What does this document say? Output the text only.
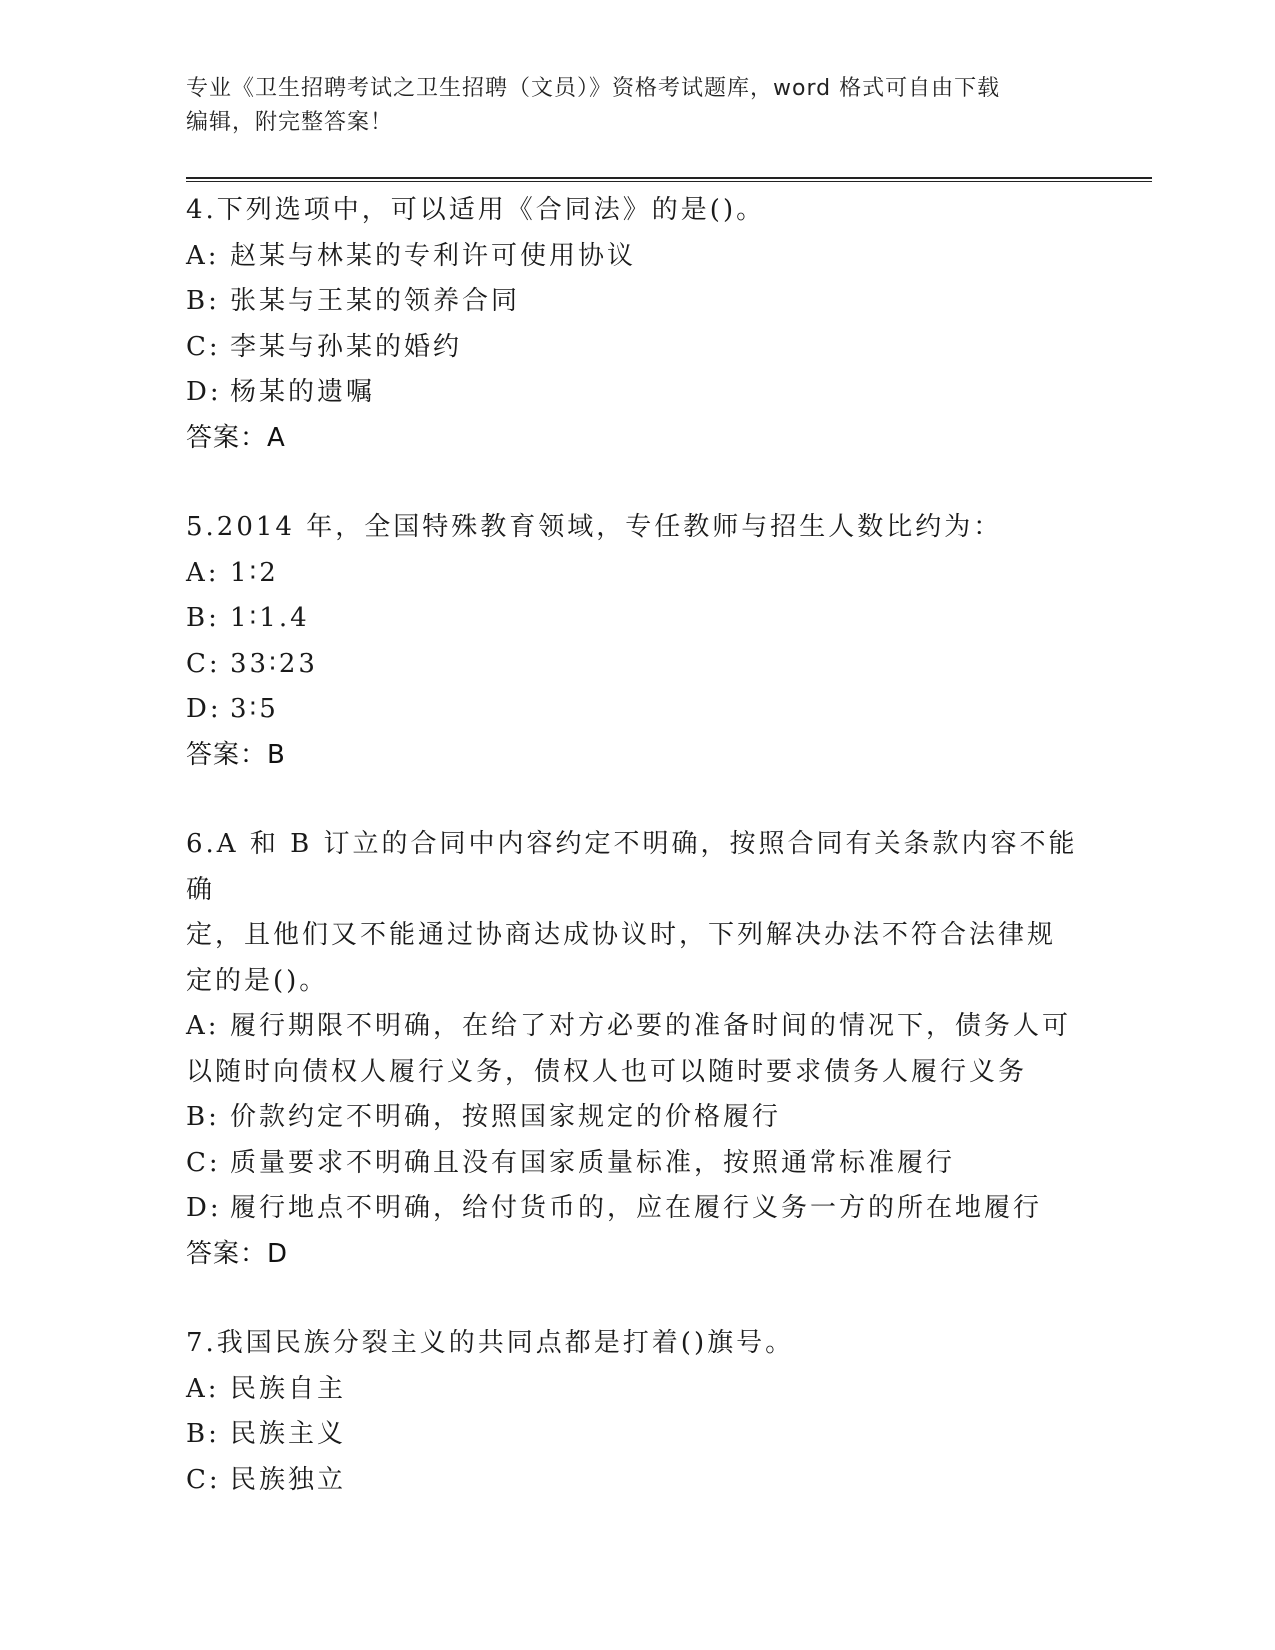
专业《卫生招聘考试之卫生招聘（文员）》资格考试题库，word 格式可自由下载
编辑，附完整答案！

4.下列选项中，可以适用《合同法》的是()。

A: 赵某与林某的专利许可使用协议

B: 张某与王某的领养合同

C: 李某与孙某的婚约

D: 杨某的遗嘱

答案：A

5.2014 年，全国特殊教育领域，专任教师与招生人数比约为：

A: 1∶2

B: 1∶1.4

C: 33∶23

D: 3∶5

答案：B

6.A 和 B 订立的合同中内容约定不明确，按照合同有关条款内容不能确

定，且他们又不能通过协商达成协议时，下列解决办法不符合法律规

定的是()。

A: 履行期限不明确，在给了对方必要的准备时间的情况下，债务人可

以随时向债权人履行义务，债权人也可以随时要求债务人履行义务

B: 价款约定不明确，按照国家规定的价格履行

C: 质量要求不明确且没有国家质量标准，按照通常标准履行

D: 履行地点不明确，给付货币的，应在履行义务一方的所在地履行

答案：D

7.我国民族分裂主义的共同点都是打着()旗号。

A: 民族自主

B: 民族主义

C: 民族独立
